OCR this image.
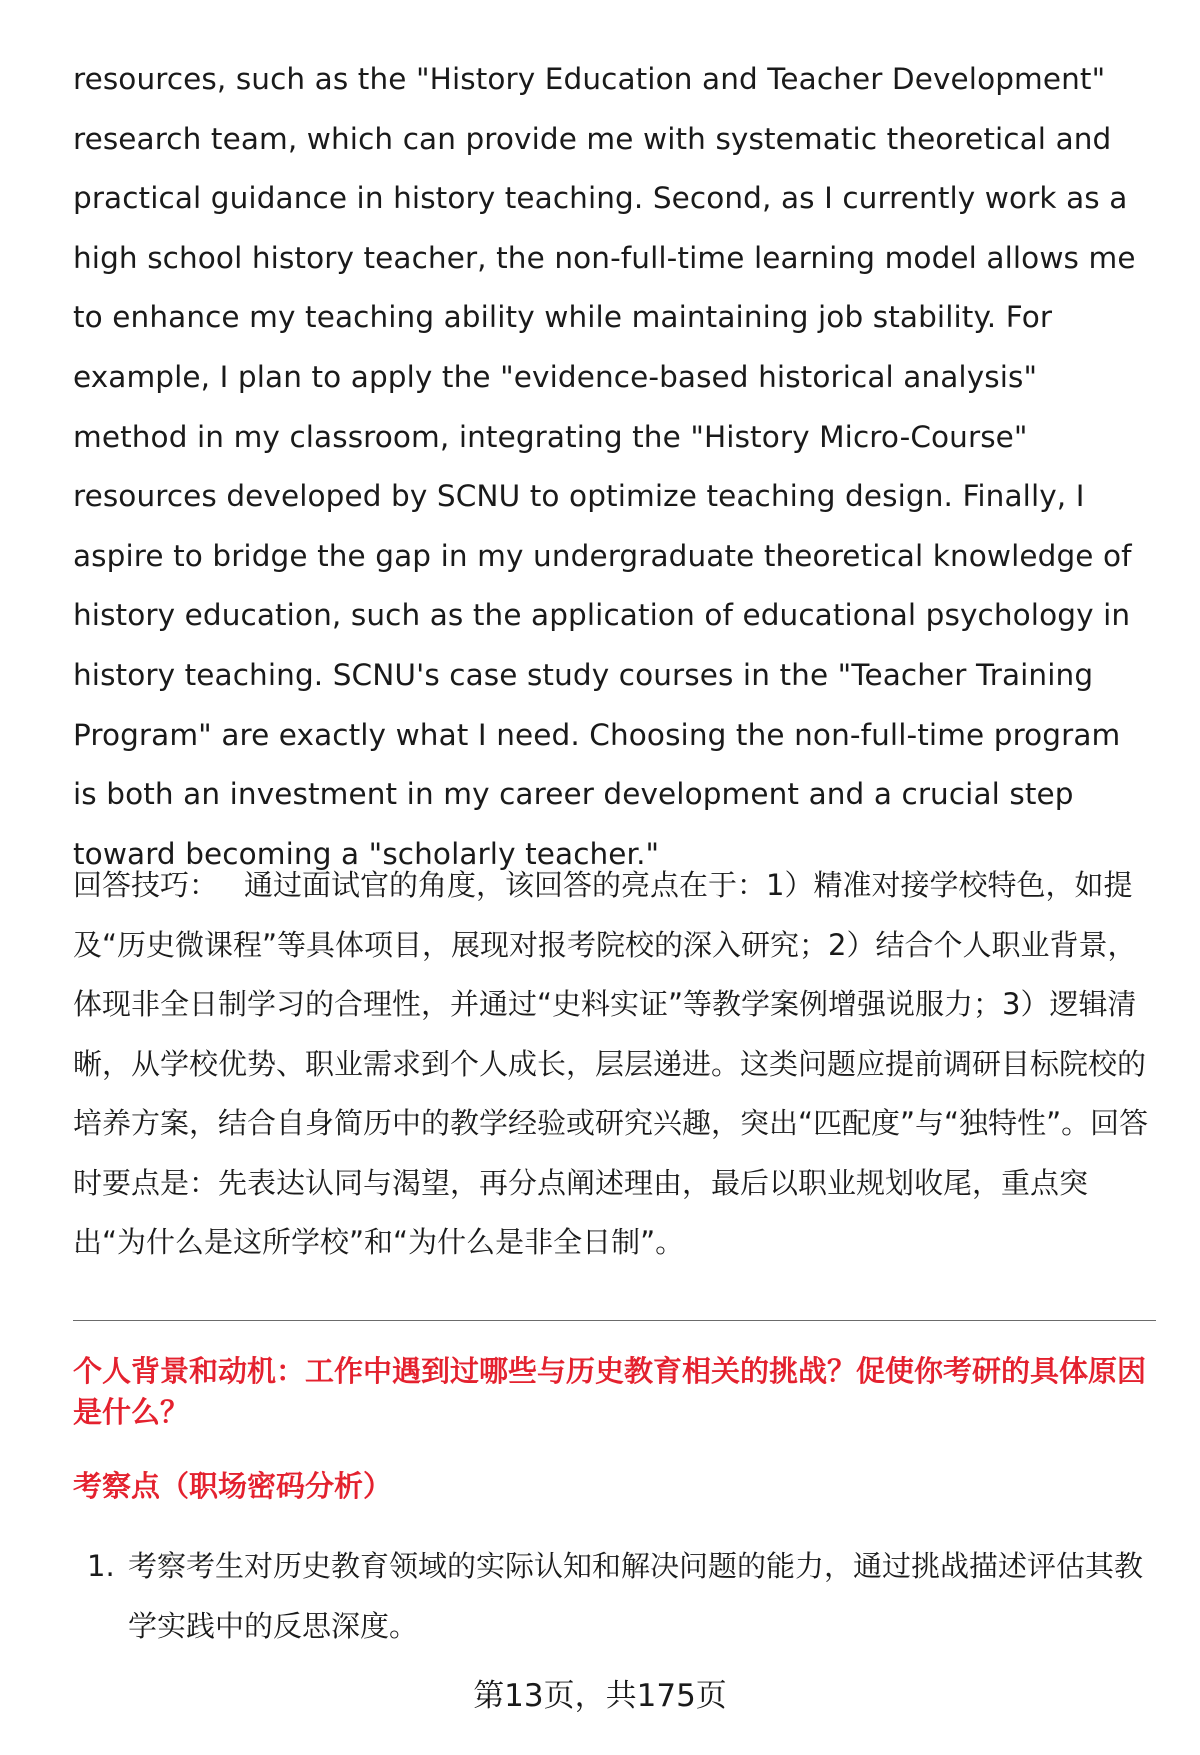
resources, such as the "History Education and Teacher Development" research team, which can provide me with systematic theoretical and practical guidance in history teaching. Second, as I currently work as a high school history teacher, the non-full-time learning model allows me to enhance my teaching ability while maintaining job stability. For example, I plan to apply the "evidence-based historical analysis" method in my classroom, integrating the "History Micro-Course" resources developed by SCNU to optimize teaching design. Finally, I aspire to bridge the gap in my undergraduate theoretical knowledge of history education, such as the application of educational psychology in history teaching. SCNU's case study courses in the "Teacher Training Program" are exactly what I need. Choosing the non-full-time program is both an investment in my career development and a crucial step toward becoming a "scholarly teacher."

回答技巧： 通过面试官的角度，该回答的亮点在于：1）精准对接学校特色，如提及“历史微课程”等具体项目，展现对报考院校的深入研究；2）结合个人职业背景，体现非全日制学习的合理性，并通过“史料实证”等教学案例增强说服力；3）逻辑清晰，从学校优势、职业需求到个人成长，层层递进。这类问题应提前调研目标院校的培养方案，结合自身简历中的教学经验或研究兴趣，突出“匹配度”与“独特性”。回答时要点是：先表达认同与渴望，再分点阐述理由，最后以职业规划收尾，重点突出“为什么是这所学校”和“为什么是非全日制”。

个人背景和动机：工作中遇到过哪些与历史教育相关的挑战？促使你考研的具体原因是什么？

考察点（职场密码分析）

1. 考察考生对历史教育领域的实际认知和解决问题的能力，通过挑战描述评估其教学实践中的反思深度。
第13页，共175页
